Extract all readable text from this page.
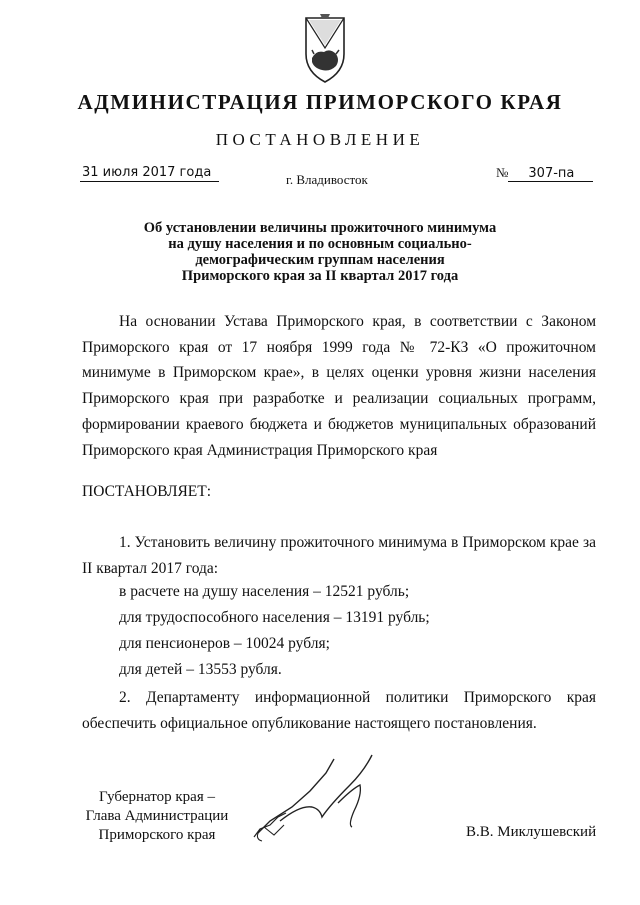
АДМИНИСТРАЦИЯ ПРИМОРСКОГО КРАЯ
ПОСТАНОВЛЕНИЕ
31 июля 2017 года	г. Владивосток	№ 307-па
Об установлении величины прожиточного минимума
на душу населения и по основным социально-
демографическим группам населения
Приморского края за II квартал 2017 года
На основании Устава Приморского края, в соответствии с Законом Приморского края от 17 ноября 1999 года № 72-КЗ «О прожиточном минимуме в Приморском крае», в целях оценки уровня жизни населения Приморского края при разработке и реализации социальных программ, формировании краевого бюджета и бюджетов муниципальных образований Приморского края Администрация Приморского края
ПОСТАНОВЛЯЕТ:
1. Установить величину прожиточного минимума в Приморском крае за II квартал 2017 года:
в расчете на душу населения – 12521 рубль;
для трудоспособного населения – 13191 рубль;
для пенсионеров – 10024 рубля;
для детей – 13553 рубля.
2. Департаменту информационной политики Приморского края обеспечить официальное опубликование настоящего постановления.
Губернатор края –
Глава Администрации
Приморского края	В.В. Миклушевский
